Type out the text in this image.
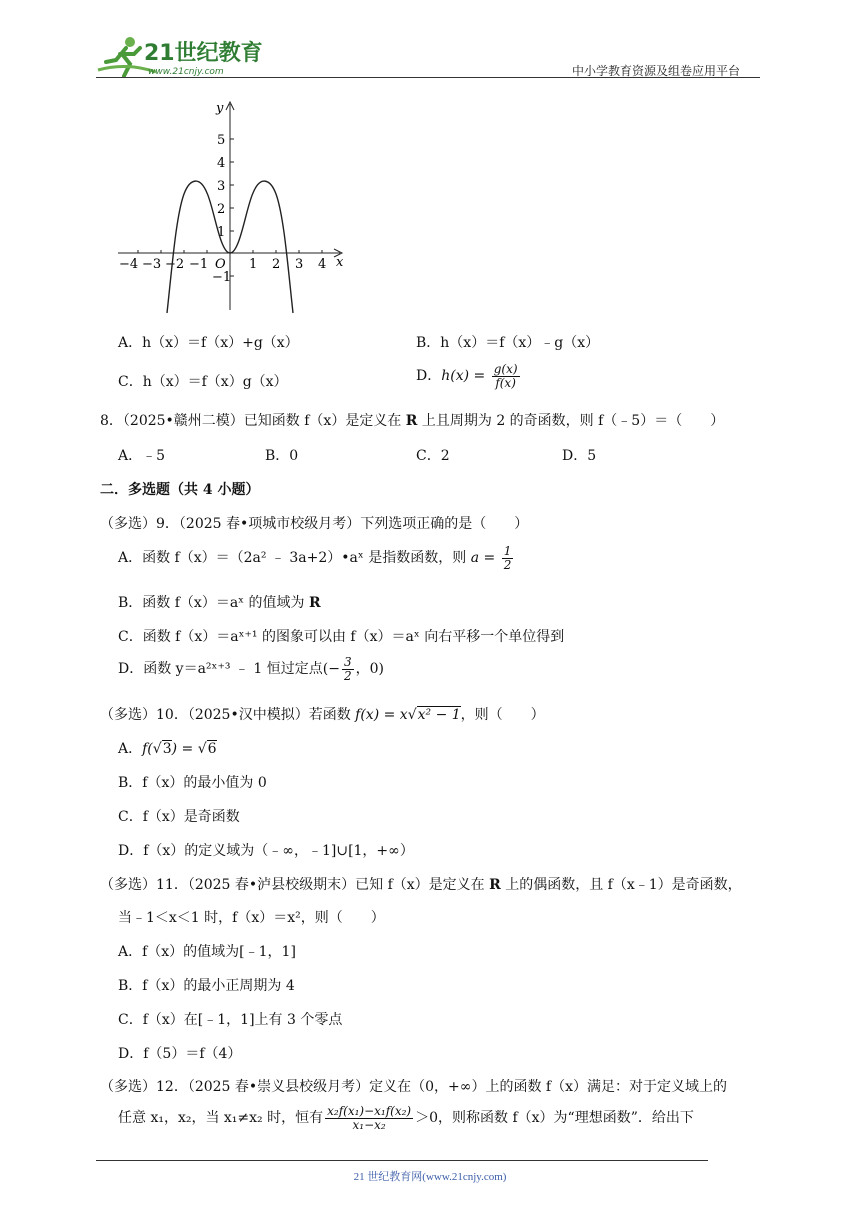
21世纪教育
www.21cnjy.com	中小学教育资源及组卷应用平台
x
y
O
−4 −3 −2 −1	1 2 3 4
5
4
3
2
1
−1
A．h（x）＝f（x）+g（x）	B．h（x）＝f（x）﹣g（x）
C．h（x）＝f（x）g（x）	D．$h(x) = \frac{g(x)}{f(x)}$
8．（2025•赣州二模）已知函数 f（x）是定义在 R 上且周期为 2 的奇函数，则 f（﹣5）＝（　　）
A．﹣5	B．0	C．2	D．5
二．多选题（共 4 小题）
（多选）9．（2025 春•项城市校级月考）下列选项正确的是（　　）
A．函数 f（x）＝（2a² ﹣ 3a+2）•aˣ 是指数函数，则 $a = \frac{1}{2}$
B．函数 f（x）＝aˣ 的值域为 R
C．函数 f（x）＝aˣ⁺¹ 的图象可以由 f（x）＝aˣ 向右平移一个单位得到
D．函数 y＝a²ˣ⁺³ ﹣ 1 恒过定点(− $\frac{3}{2}$ ，0)
（多选）10．（2025•汉中模拟）若函数 f(x) = x√x² − 1，则（　　）
A．f(√3) = √6
B．f（x）的最小值为 0
C．f（x）是奇函数
D．f（x）的定义域为（﹣∞，﹣1]∪[1，+∞）
（多选）11．（2025 春•泸县校级期末）已知 f（x）是定义在 R 上的偶函数，且 f（x﹣1）是奇函数，
当﹣1＜x＜1 时，f（x）＝x²，则（　　）
A．f（x）的值域为[﹣1，1]
B．f（x）的最小正周期为 4
C．f（x）在[﹣1，1]上有 3 个零点
D．f（5）＝f（4）
（多选）12．（2025 春•崇义县校级月考）定义在（0，+∞）上的函数 f（x）满足：对于定义域上的
任意 x₁，x₂，当 x₁≠x₂ 时，恒有 $\frac{\text{x₂f(x₁)−x₁f(x₂)}}{\text{x₁−x₂}} >0$，则称函数 f（x）为“理想函数”．给出下
21 世纪教育网(www.21cnjy.com)
